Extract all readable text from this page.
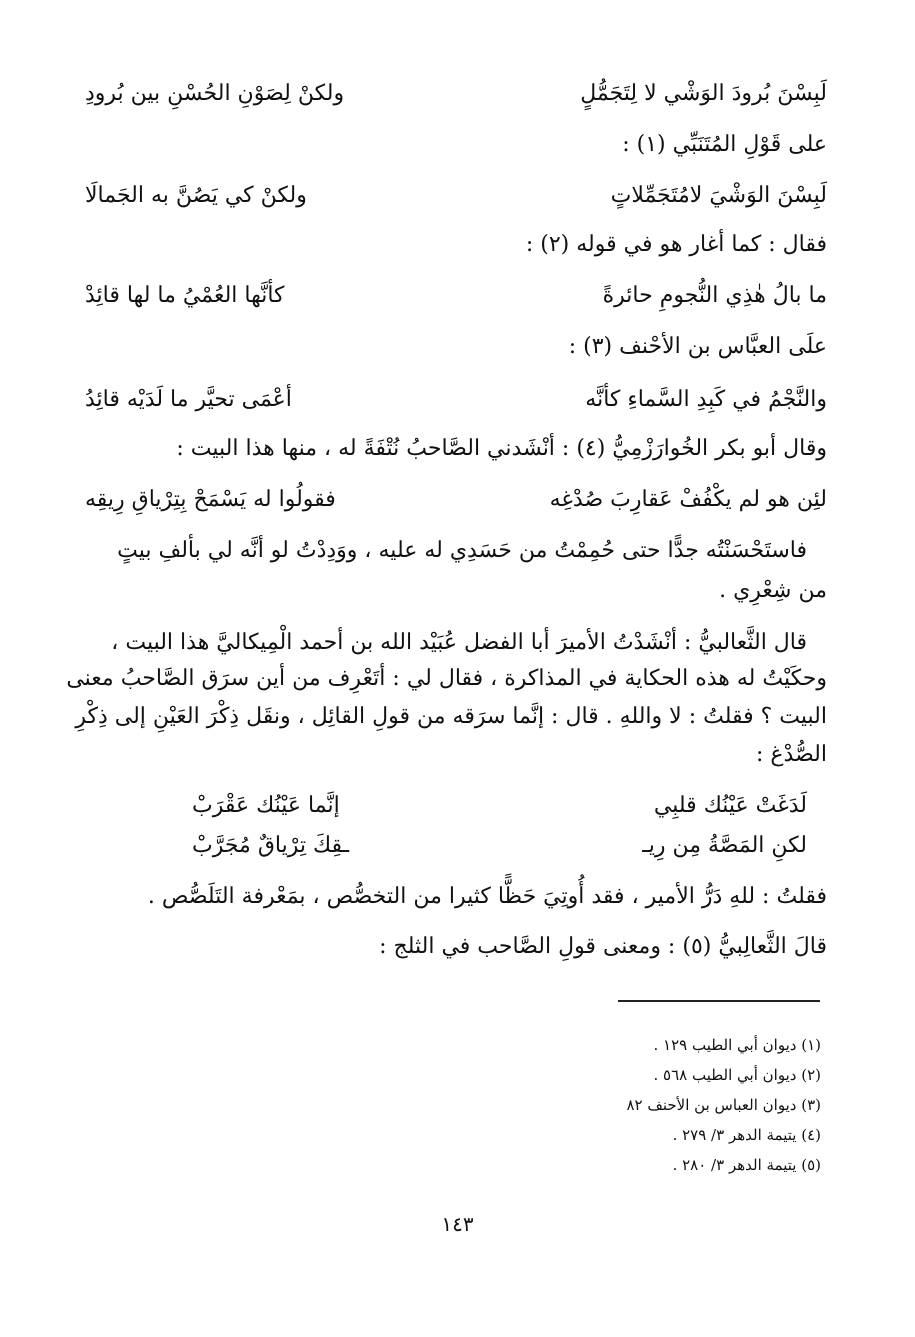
لَبِسْنَ بُرودَ الوَشْي لا لِتَجَمُّلٍ
ولكنْ لِصَوْنِ الحُسْنِ بين بُرودِ
على قَوْلِ المُتَنَبِّي (١) :
لَبِسْنَ الوَشْيَ لامُتَجَمِّلاتٍ
ولكنْ كي يَصُنَّ به الجَمالَا
فقال : كما أغار هو في قوله (٢) :
ما بالُ هٰذِي النُّجومِ حائرةً
كأنَّها العُمْيُ ما لها قائِدْ
علَى العبَّاس بن الأحْنف (٣) :
والنَّجْمُ في كَبِدِ السَّماءِ كأنَّه
أعْمَى تحيَّر ما لَدَيْه قائِدُ
وقال أبو بكر الخُوارَزْمِيُّ (٤) : أنْشَدني الصَّاحبُ نُتْفَةً له ، منها هذا البيت :
لئِن هو لم يكْفُفْ عَقارِبَ صُدْغِه
فقولُوا له يَسْمَحْ بِتِرْياقِ رِيقِه
فاستَحْسَنْتُه جدًّا حتى حُمِمْتُ من حَسَدِي له عليه ، ووَدِدْتُ لو أنَّه لي بألفِ بيتٍ
من شِعْرِي .
قال الثَّعالبيُّ : أنْشَدْتُ الأميرَ أبا الفضل عُبَيْد الله بن أحمد الْمِيكاليَّ هذا البيت ،
وحكَيْتُ له هذه الحكاية في المذاكرة ، فقال لي : أتَعْرِف من أين سرَق الصَّاحبُ معنى
البيت ؟ فقلتُ : لا واللهِ . قال : إنَّما سرَقه من قولِ القائِل ، ونقَل ذِكْرَ العَيْنِ إلى ذِكْرِ
الصُّدْغ :
لَدَغَتْ عَيْنُك قلبِي
إنَّما عَيْنُك عَقْرَبْ
لكنِ المَصَّةُ مِن رِيـ
ـقِكَ تِرْياقٌ مُجَرَّبْ
فقلتُ : للهِ دَرُّ الأمير ، فقد أُوتِيَ حَظًّا كثيرا من التخصُّص ، بمَعْرفة التَلَصُّص .
قالَ الثَّعالِبيُّ (٥) : ومعنى قولِ الصَّاحب في الثلج :
(١) ديوان أبي الطيب ١٢٩ .
(٢) ديوان أبي الطيب ٥٦٨ .
(٣) ديوان العباس بن الأحنف ٨٢
(٤) يتيمة الدهر ٣/ ٢٧٩ .
(٥) يتيمة الدهر ٣/ ٢٨٠ .
١٤٣
